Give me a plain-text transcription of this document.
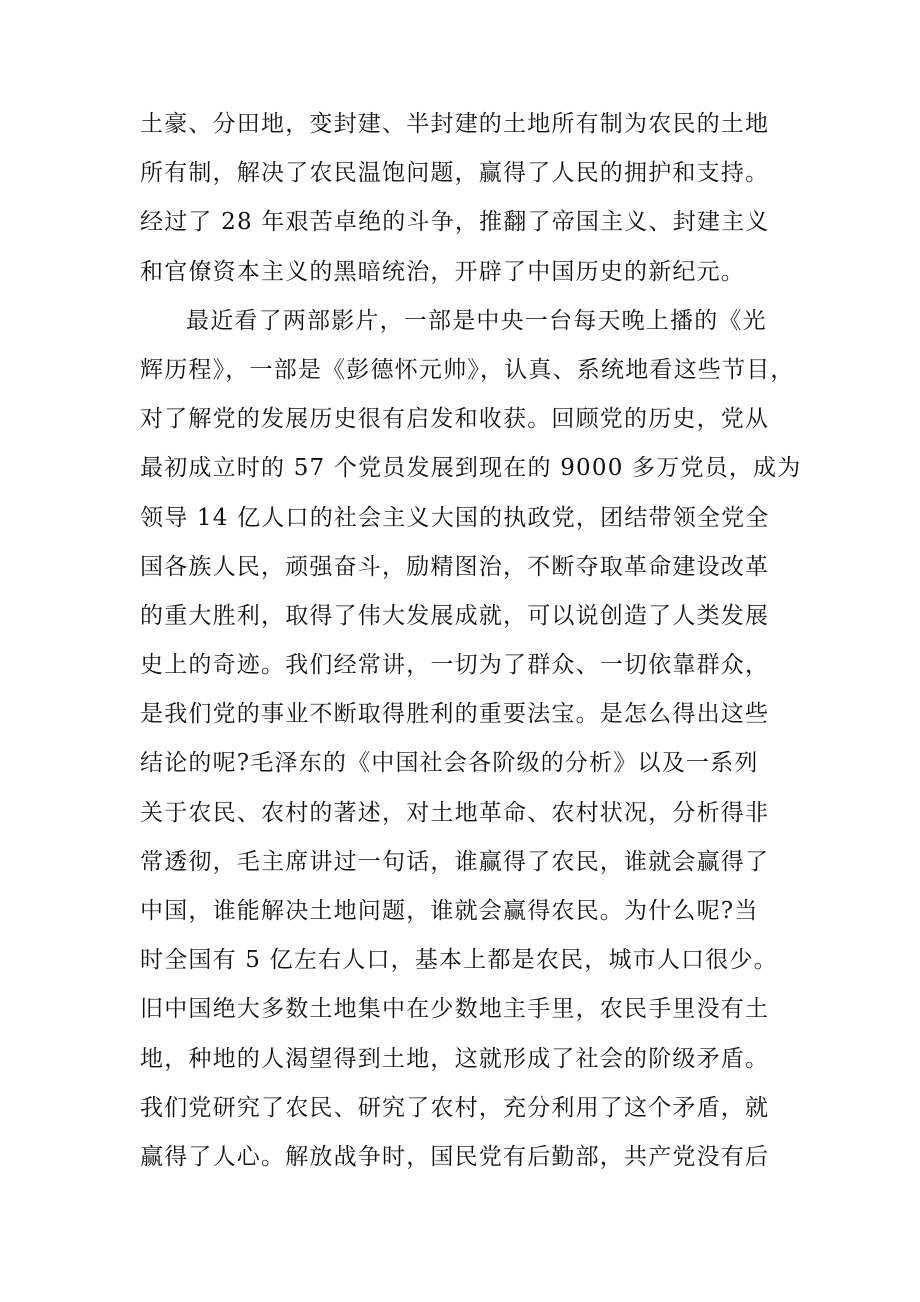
土豪、分田地，变封建、半封建的土地所有制为农民的土地
所有制，解决了农民温饱问题，赢得了人民的拥护和支持。
经过了 28 年艰苦卓绝的斗争，推翻了帝国主义、封建主义
和官僚资本主义的黑暗统治，开辟了中国历史的新纪元。
最近看了两部影片，一部是中央一台每天晚上播的《光
辉历程》，一部是《彭德怀元帅》，认真、系统地看这些节目，
对了解党的发展历史很有启发和收获。回顾党的历史，党从
最初成立时的 57 个党员发展到现在的 9000 多万党员，成为
领导 14 亿人口的社会主义大国的执政党，团结带领全党全
国各族人民，顽强奋斗，励精图治，不断夺取革命建设改革
的重大胜利，取得了伟大发展成就，可以说创造了人类发展
史上的奇迹。我们经常讲，一切为了群众、一切依靠群众，
是我们党的事业不断取得胜利的重要法宝。是怎么得出这些
结论的呢?毛泽东的《中国社会各阶级的分析》以及一系列
关于农民、农村的著述，对土地革命、农村状况，分析得非
常透彻，毛主席讲过一句话，谁赢得了农民，谁就会赢得了
中国，谁能解决土地问题，谁就会赢得农民。为什么呢?当
时全国有 5 亿左右人口，基本上都是农民，城市人口很少。
旧中国绝大多数土地集中在少数地主手里，农民手里没有土
地，种地的人渴望得到土地，这就形成了社会的阶级矛盾。
我们党研究了农民、研究了农村，充分利用了这个矛盾，就
赢得了人心。解放战争时，国民党有后勤部，共产党没有后
